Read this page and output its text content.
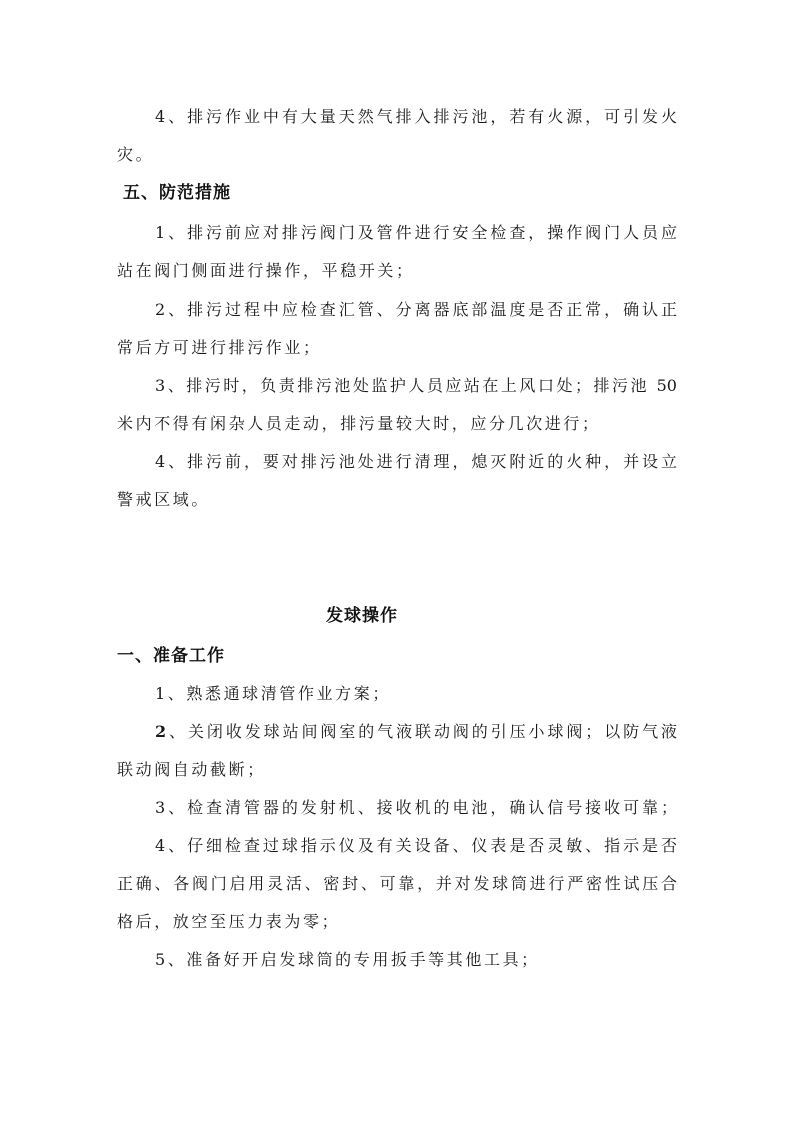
4、排污作业中有大量天然气排入排污池，若有火源，可引发火
灾。
五、防范措施
1、排污前应对排污阀门及管件进行安全检查，操作阀门人员应
站在阀门侧面进行操作，平稳开关；
2、排污过程中应检查汇管、分离器底部温度是否正常，确认正
常后方可进行排污作业；
3、排污时，负责排污池处监护人员应站在上风口处；排污池 50
米内不得有闲杂人员走动，排污量较大时，应分几次进行；
4、排污前，要对排污池处进行清理，熄灭附近的火种，并设立
警戒区域。
发球操作
一、准备工作
1、熟悉通球清管作业方案；
2、关闭收发球站间阀室的气液联动阀的引压小球阀；以防气液
联动阀自动截断；
3、检查清管器的发射机、接收机的电池，确认信号接收可靠；
4、仔细检查过球指示仪及有关设备、仪表是否灵敏、指示是否
正确、各阀门启用灵活、密封、可靠，并对发球筒进行严密性试压合
格后，放空至压力表为零；
5、准备好开启发球筒的专用扳手等其他工具；
